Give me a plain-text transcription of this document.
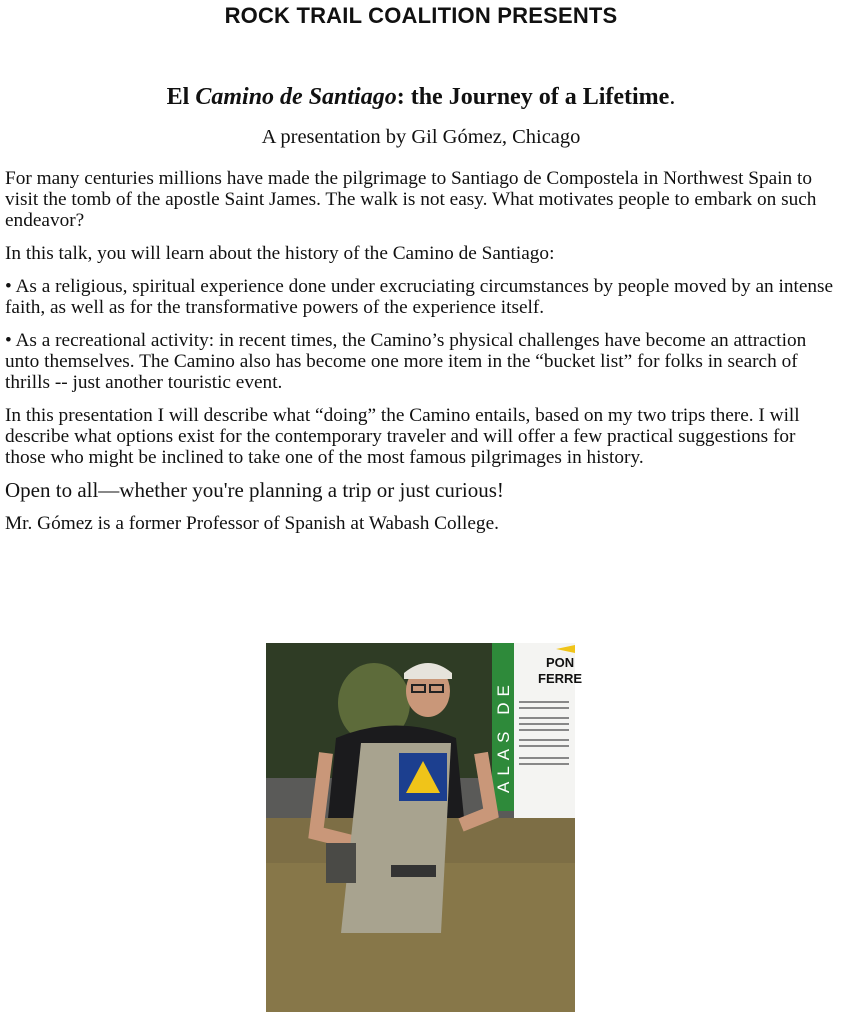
ROCK TRAIL COALITION PRESENTS
El Camino de Santiago: the Journey of a Lifetime.
A presentation by Gil Gómez, Chicago

For many centuries millions have made the pilgrimage to Santiago de Compostela in Northwest Spain to visit the tomb of the apostle Saint James. The walk is not easy. What motivates people to embark on such endeavor?

In this talk, you will learn about the history of the Camino de Santiago:

• As a religious, spiritual experience done under excruciating circumstances by people moved by an intense faith, as well as for the transformative powers of the experience itself.

• As a recreational activity: in recent times, the Camino’s physical challenges have become an attraction unto themselves. The Camino also has become one more item in the “bucket list” for folks in search of thrills -- just another touristic event.

In this presentation I will describe what “doing” the Camino entails, based on my two trips there. I will describe what options exist for the contemporary traveler and will offer a few practical suggestions for those who might be inclined to take one of the most famous pilgrimages in history.

Open to all—whether you're planning a trip or just curious!

Mr. Gómez is a former Professor of Spanish at Wabash College.

PON
FERRE
ALAS DE
